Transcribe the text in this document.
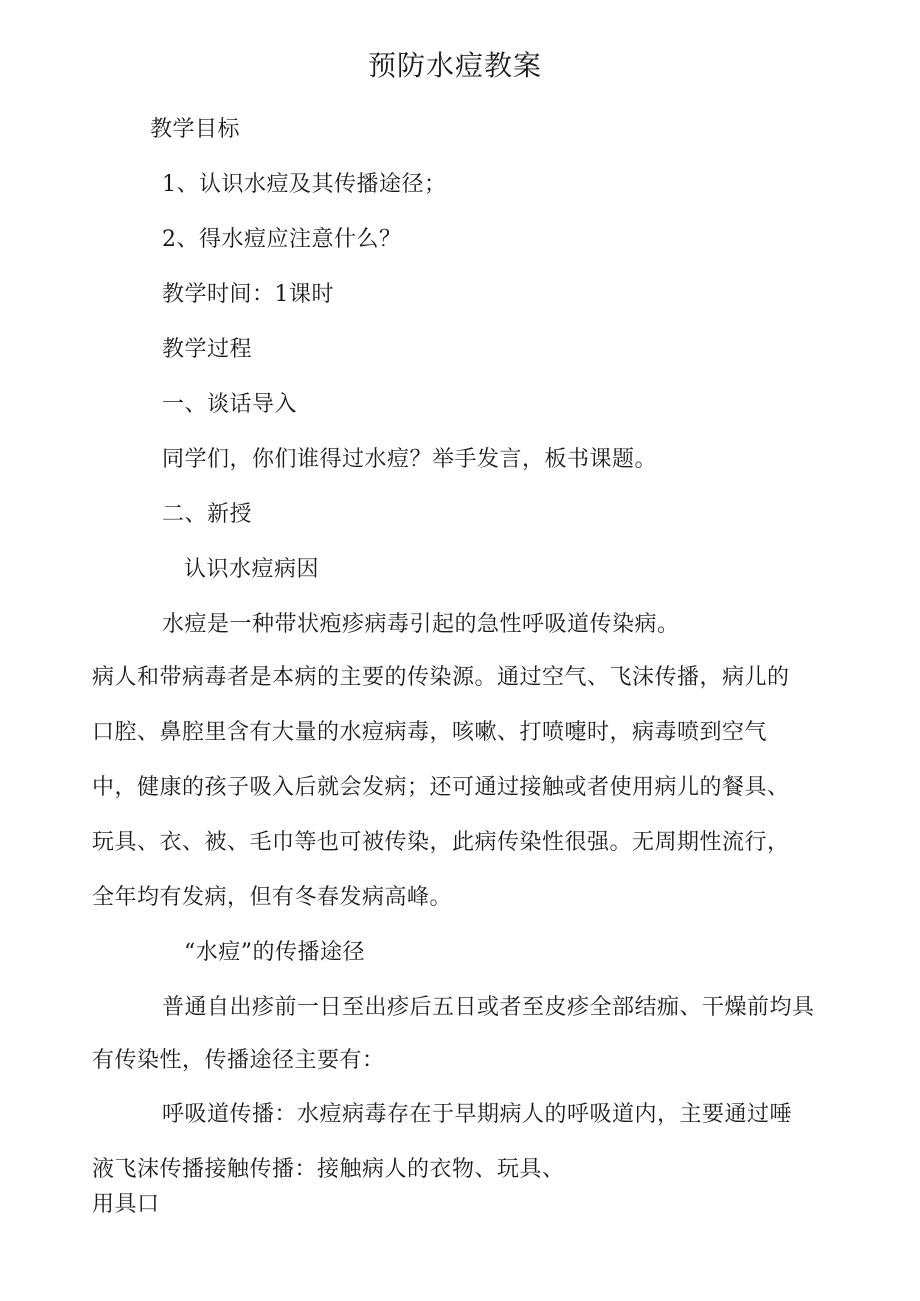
预防水痘教案
教学目标
1、认识水痘及其传播途径；
2、得水痘应注意什么？
教学时间：1课时
教学过程
一、谈话导入
同学们，你们谁得过水痘？举手发言，板书课题。
二、新授
认识水痘病因
水痘是一种带状疱疹病毒引起的急性呼吸道传染病。
病人和带病毒者是本病的主要的传染源。通过空气、飞沫传播，病儿的
口腔、鼻腔里含有大量的水痘病毒，咳嗽、打喷嚏时，病毒喷到空气
中，健康的孩子吸入后就会发病；还可通过接触或者使用病儿的餐具、
玩具、衣、被、毛巾等也可被传染，此病传染性很强。无周期性流行，
全年均有发病，但有冬春发病高峰。
“水痘”的传播途径
普通自出疹前一日至出疹后五日或者至皮疹全部结痂、干燥前均具
有传染性，传播途径主要有：
呼吸道传播：水痘病毒存在于早期病人的呼吸道内，主要通过唾
液飞沫传播接触传播：接触病人的衣物、玩具、
用具口
